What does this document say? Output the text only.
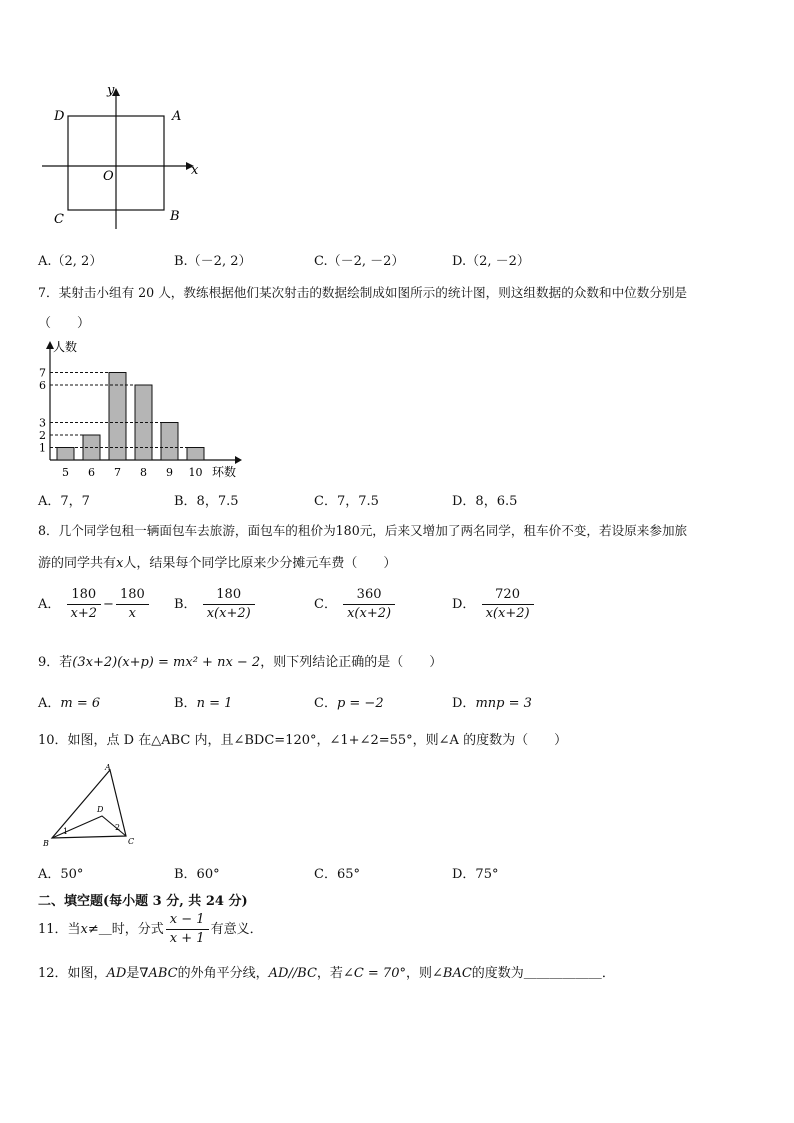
y
x
O
A
B
C
D
A.（2, 2）	B.（－2, 2）	C.（－2, －2）	D.（2, －2）
7．某射击小组有 20 人，教练根据他们某次射击的数据绘制成如图所示的统计图，则这组数据的众数和中位数分别是
（　　）
人数
环数
5 6 7 8 9 10
1
2
3
6
7
A．7，7	B．8，7.5	C．7，7.5	D．8，6.5
8．几个同学包租一辆面包车去旅游，面包车的租价为180元，后来又增加了两名同学，租车价不变，若设原来参加旅
游的同学共有x人，结果每个同学比原来少分摊元车费（　　）
A． $\frac{180}{x+2} - \frac{180}{x}$ B． $\frac{180}{x(x+2)}$	C． $\frac{360}{x(x+2)}$	D． $\frac{720}{x(x+2)}$
9．若(3x+2)(x+p) = mx² + nx − 2，则下列结论正确的是（　　）
A．m = 6	B．n = 1	C．p = −2	D．mnp = 3
10．如图，点 D 在△ABC 内，且∠BDC=120°，∠1+∠2=55°，则∠A 的度数为（　　）
A
B	C
D
1	2
A．50°	B．60°	C．65°	D．75°
二、填空题(每小题 3 分, 共 24 分)
11．当x≠＿时，分式 $\frac{x - 1}{x + 1}$ 有意义．
12．如图，AD是∇ABC的外角平分线，AD//BC，若∠C = 70°，则∠BAC的度数为＿＿＿＿＿＿．
